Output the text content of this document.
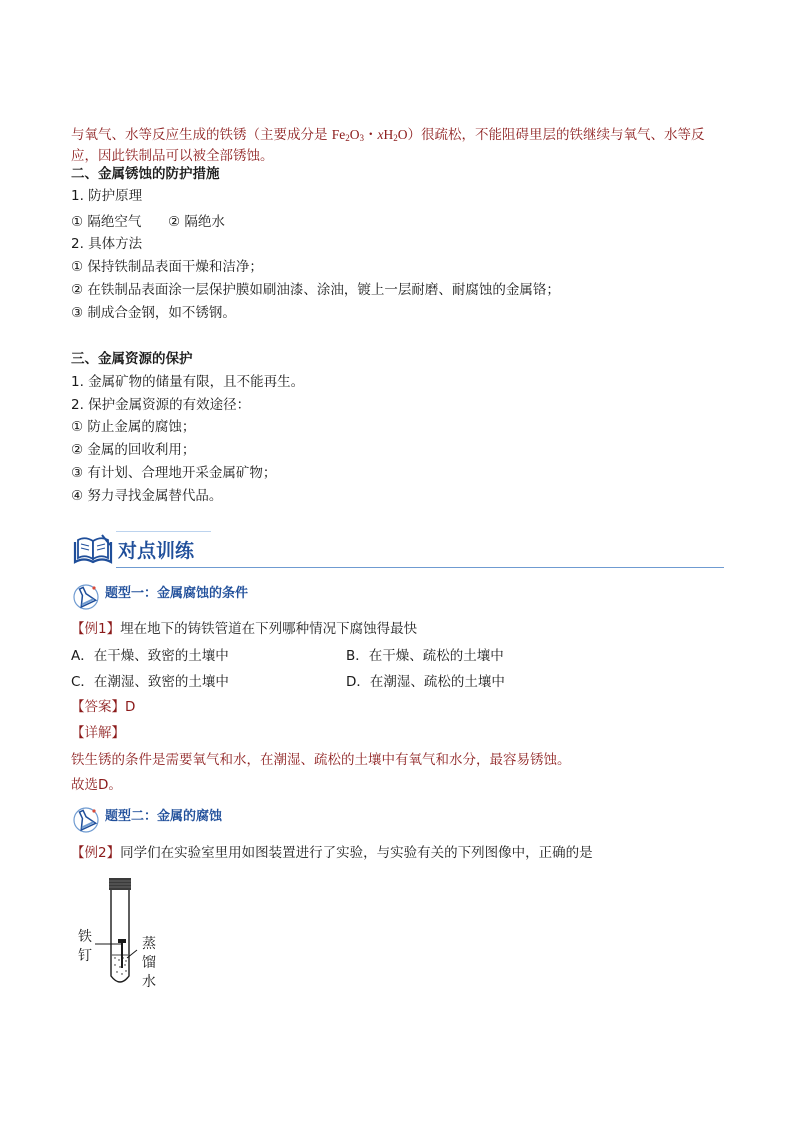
与氧气、水等反应生成的铁锈（主要成分是 $Fe_2O_3$・$xH_2O$）很疏松，不能阻碍里层的铁继续与氧气、水等反
应，因此铁制品可以被全部锈蚀。
二、金属锈蚀的防护措施
1. 防护原理
① 隔绝空气 ② 隔绝水
2. 具体方法
① 保持铁制品表面干燥和洁净；
② 在铁制品表面涂一层保护膜如刷油漆、涂油，镀上一层耐磨、耐腐蚀的金属铬；
③ 制成合金钢，如不锈钢。
三、金属资源的保护
1. 金属矿物的储量有限，且不能再生。
2. 保护金属资源的有效途径：
① 防止金属的腐蚀；
② 金属的回收利用；
③ 有计划、合理地开采金属矿物；
④ 努力寻找金属替代品。
对点训练
题型一：金属腐蚀的条件
【例1】埋在地下的铸铁管道在下列哪种情况下腐蚀得最快
A．在干燥、致密的土壤中	B．在干燥、疏松的土壤中
C．在潮湿、致密的土壤中	D．在潮湿、疏松的土壤中
【答案】D
【详解】
铁生锈的条件是需要氧气和水，在潮湿、疏松的土壤中有氧气和水分，最容易锈蚀。
故选D。
题型二：金属的腐蚀
【例2】同学们在实验室里用如图装置进行了实验，与实验有关的下列图像中，正确的是
铁
钉
蒸
馏
水
